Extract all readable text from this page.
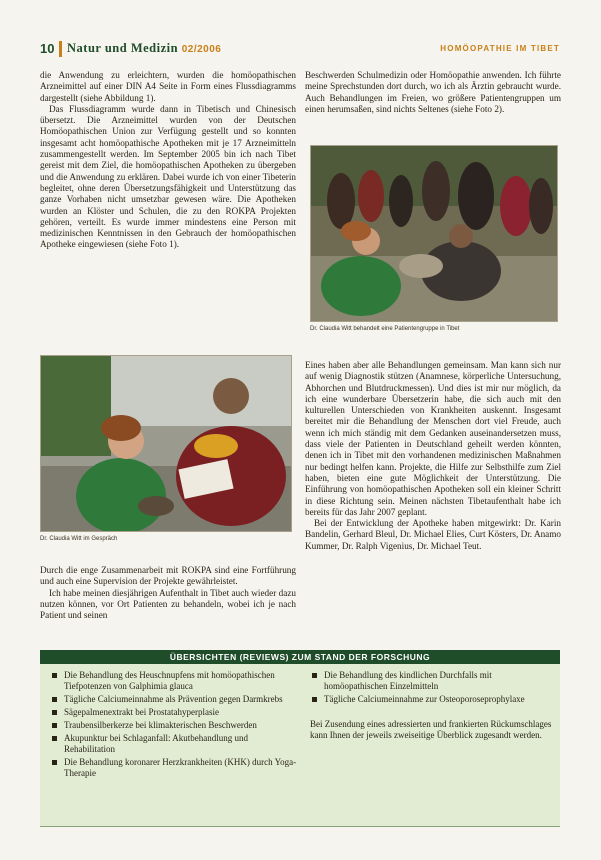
10 Natur und Medizin 02/2006	HOMÖOPATHIE IM TIBET

die Anwendung zu erleichtern, wurden die homöopathischen Arzneimittel auf einer DIN A4 Seite in Form eines Flussdiagramms dargestellt (siehe Abbildung 1).

Das Flussdiagramm wurde dann in Tibetisch und Chinesisch übersetzt. Die Arzneimittel wurden von der Deutschen Homöopathischen Union zur Verfügung gestellt und so konnten insgesamt acht homöopathische Apotheken mit je 17 Arzneimitteln zusammengestellt werden. Im September 2005 bin ich nach Tibet gereist mit dem Ziel, die homöopathischen Apotheken zu übergeben und die Anwendung zu erklären. Dabei wurde ich von einer Tibeterin begleitet, ohne deren Übersetzungsfähigkeit und Unterstützung das ganze Vorhaben nicht umsetzbar gewesen wäre. Die Apotheken wurden an Klöster und Schulen, die zu den ROKPA Projekten gehören, verteilt. Es wurde immer mindestens eine Person mit medizinischen Kenntnissen in den Gebrauch der homöopathischen Apotheke eingewiesen (siehe Foto 1).

Beschwerden Schulmedizin oder Homöopathie anwenden. Ich führte meine Sprechstunden dort durch, wo ich als Ärztin gebraucht wurde. Auch Behandlungen im Freien, wo größere Patientengruppen um einen herumsaßen, sind nichts Seltenes (siehe Foto 2).

Dr. Claudia Witt behandelt eine Patientengruppe in Tibet
Dr. Claudia Witt im Gespräch

Durch die enge Zusammenarbeit mit ROKPA sind eine Fortführung und auch eine Supervision der Projekte gewährleistet.

Ich habe meinen diesjährigen Aufenthalt in Tibet auch wieder dazu nutzen können, vor Ort Patienten zu behandeln, wobei ich je nach Patient und seinen

Eines haben aber alle Behandlungen gemeinsam. Man kann sich nur auf wenig Diagnostik stützen (Anamnese, körperliche Untersuchung, Abhorchen und Blutdruckmessen). Und dies ist mir nur möglich, da ich eine wunderbare Übersetzerin habe, die sich auch mit den kulturellen Unterschieden von Krankheiten auskennt. Insgesamt bereitet mir die Behandlung der Menschen dort viel Freude, auch wenn ich mich ständig mit dem Gedanken auseinandersetzen muss, dass viele der Patienten in Deutschland geheilt werden könnten, denen ich in Tibet mit den vorhandenen medizinischen Maßnahmen nur bedingt helfen kann. Projekte, die Hilfe zur Selbsthilfe zum Ziel haben, bieten eine gute Möglichkeit der Unterstützung. Die Einführung von homöopathischen Apotheken soll ein kleiner Schritt in diese Richtung sein. Meinen nächsten Tibetaufenthalt habe ich bereits für das Jahr 2007 geplant.

Bei der Entwicklung der Apotheke haben mitgewirkt: Dr. Karin Bandelin, Gerhard Bleul, Dr. Michael Elies, Curt Kösters, Dr. Anamo Kummer, Dr. Ralph Vigenius, Dr. Michael Teut.

ÜBERSICHTEN (REVIEWS) ZUM STAND DER FORSCHUNG
Die Behandlung des Heuschnupfens mit homöopathischen Tiefpotenzen von Galphimia glauca
Tägliche Calciumeinnahme als Prävention gegen Darmkrebs
Sägepalmenextrakt bei Prostatahyperplasie
Traubensilberkerze bei klimakterischen Beschwerden
Akupunktur bei Schlaganfall: Akutbehandlung und Rehabilitation
Die Behandlung koronarer Herzkrankheiten (KHK) durch Yoga-Therapie
Die Behandlung des kindlichen Durchfalls mit homöopathischen Einzelmitteln
Tägliche Calciumeinnahme zur Osteoporoseprophylaxe
Bei Zusendung eines adressierten und frankierten Rückumschlages kann Ihnen der jeweils zweiseitige Überblick zugesandt werden.
